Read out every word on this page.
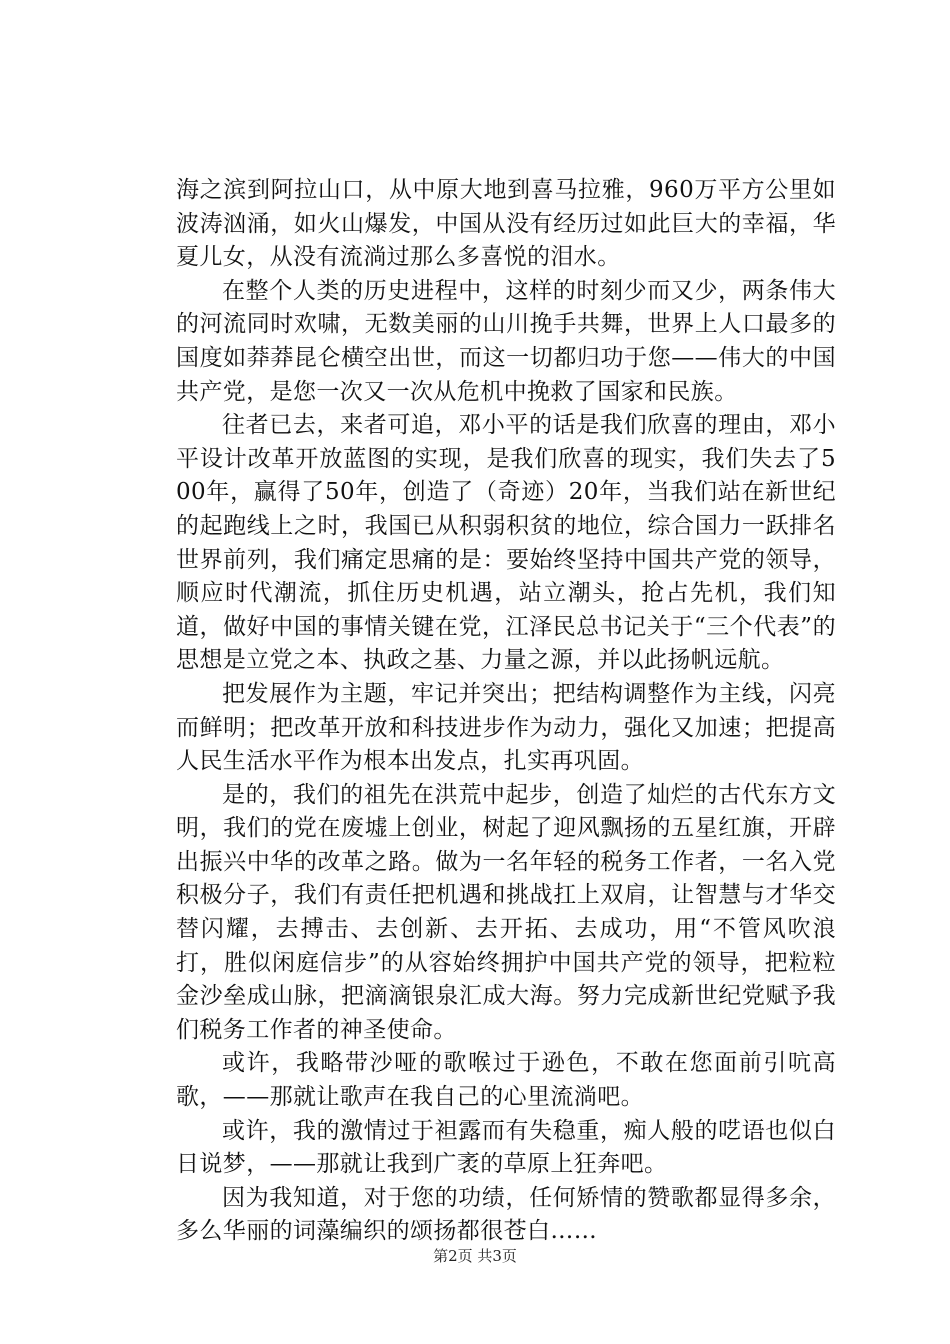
海之滨到阿拉山口，从中原大地到喜马拉雅，960万平方公里如波涛汹涌，如火山爆发，中国从没有经历过如此巨大的幸福，华夏儿女，从没有流淌过那么多喜悦的泪水。

在整个人类的历史进程中，这样的时刻少而又少，两条伟大的河流同时欢啸，无数美丽的山川挽手共舞，世界上人口最多的国度如莽莽昆仑横空出世，而这一切都归功于您——伟大的中国共产党，是您一次又一次从危机中挽救了国家和民族。

往者已去，来者可追，邓小平的话是我们欣喜的理由，邓小平设计改革开放蓝图的实现，是我们欣喜的现实，我们失去了500年，赢得了50年，创造了（奇迹）20年，当我们站在新世纪的起跑线上之时，我国已从积弱积贫的地位，综合国力一跃排名世界前列，我们痛定思痛的是：要始终坚持中国共产党的领导，顺应时代潮流，抓住历史机遇，站立潮头，抢占先机，我们知道，做好中国的事情关键在党，江泽民总书记关于“三个代表”的思想是立党之本、执政之基、力量之源，并以此扬帆远航。

把发展作为主题，牢记并突出；把结构调整作为主线，闪亮而鲜明；把改革开放和科技进步作为动力，强化又加速；把提高人民生活水平作为根本出发点，扎实再巩固。

是的，我们的祖先在洪荒中起步，创造了灿烂的古代东方文明，我们的党在废墟上创业，树起了迎风飘扬的五星红旗，开辟出振兴中华的改革之路。做为一名年轻的税务工作者，一名入党积极分子，我们有责任把机遇和挑战扛上双肩，让智慧与才华交替闪耀，去搏击、去创新、去开拓、去成功，用“不管风吹浪打，胜似闲庭信步”的从容始终拥护中国共产党的领导，把粒粒金沙垒成山脉，把滴滴银泉汇成大海。努力完成新世纪党赋予我们税务工作者的神圣使命。

或许，我略带沙哑的歌喉过于逊色，不敢在您面前引吭高歌，——那就让歌声在我自己的心里流淌吧。

或许，我的激情过于袒露而有失稳重，痴人般的呓语也似白日说梦，——那就让我到广袤的草原上狂奔吧。

因为我知道，对于您的功绩，任何矫情的赞歌都显得多余，多么华丽的词藻编织的颂扬都很苍白……

第2页 共3页
